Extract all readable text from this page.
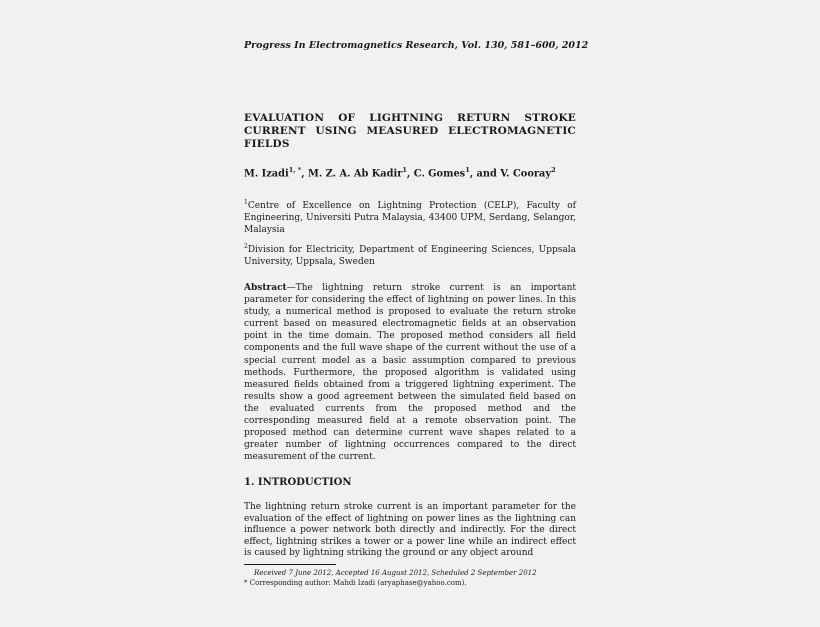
Progress In Electromagnetics Research, Vol. 130, 581–600, 2012
EVALUATION OF LIGHTNING RETURN STROKE CURRENT USING MEASURED ELECTROMAGNETIC FIELDS
M. Izadi$^{1, *}$, M. Z. A. Ab Kadir$^1$, C. Gomes$^1$, and V. Cooray$^2$
$^1$Centre of Excellence on Lightning Protection (CELP), Faculty of Engineering, Universiti Putra Malaysia, 43400 UPM, Serdang, Selangor, Malaysia
$^2$Division for Electricity, Department of Engineering Sciences, Uppsala University, Uppsala, Sweden
Abstract—The lightning return stroke current is an important parameter for considering the effect of lightning on power lines. In this study, a numerical method is proposed to evaluate the return stroke current based on measured electromagnetic fields at an observation point in the time domain. The proposed method considers all field components and the full wave shape of the current without the use of a special current model as a basic assumption compared to previous methods. Furthermore, the proposed algorithm is validated using measured fields obtained from a triggered lightning experiment. The results show a good agreement between the simulated field based on the evaluated currents from the proposed method and the corresponding measured field at a remote observation point. The proposed method can determine current wave shapes related to a greater number of lightning occurrences compared to the direct measurement of the current.
1. INTRODUCTION
The lightning return stroke current is an important parameter for the evaluation of the effect of lightning on power lines as the lightning can influence a power network both directly and indirectly. For the direct effect, lightning strikes a tower or a power line while an indirect effect is caused by lightning striking the ground or any object around
Received 7 June 2012, Accepted 16 August 2012, Scheduled 2 September 2012
* Corresponding author: Mahdi Izadi (aryaphase@yahoo.com).
